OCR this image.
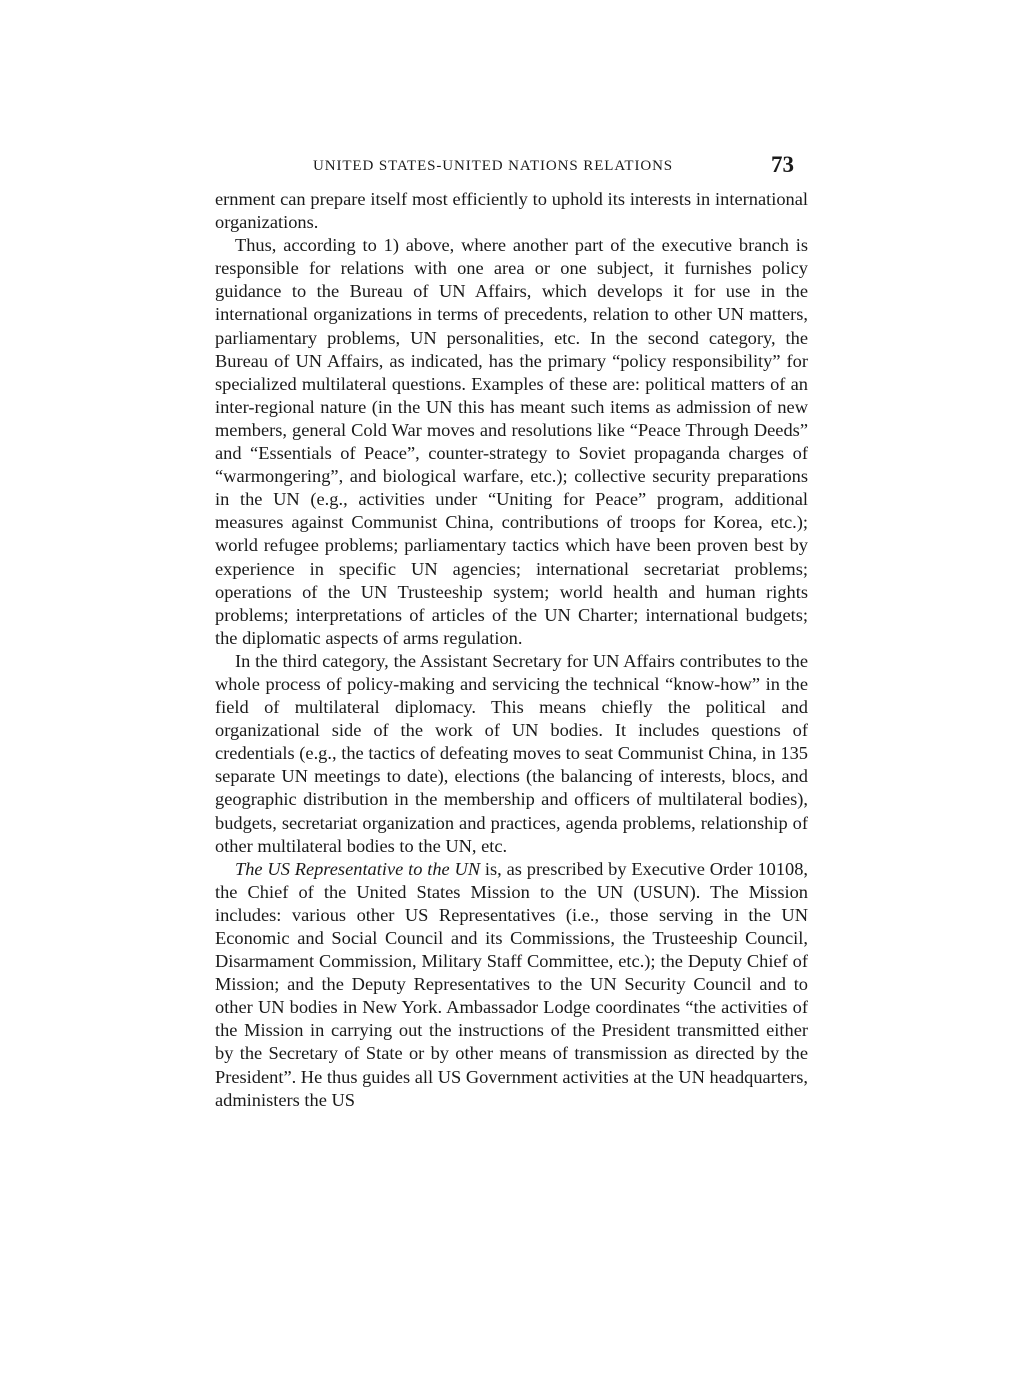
UNITED STATES-UNITED NATIONS RELATIONS	73

ernment can prepare itself most efficiently to uphold its interests in international organizations.

Thus, according to 1) above, where another part of the executive branch is responsible for relations with one area or one subject, it furnishes policy guidance to the Bureau of UN Affairs, which develops it for use in the international organizations in terms of precedents, relation to other UN matters, parliamentary problems, UN personalities, etc. In the second category, the Bureau of UN Affairs, as indicated, has the primary “policy responsibility” for specialized multilateral questions. Examples of these are: political matters of an inter-regional nature (in the UN this has meant such items as admission of new members, general Cold War moves and resolutions like “Peace Through Deeds” and “Essentials of Peace”, counter-strategy to Soviet propaganda charges of “warmongering”, and biological warfare, etc.); collective security preparations in the UN (e.g., activities under “Uniting for Peace” program, additional measures against Communist China, contributions of troops for Korea, etc.); world refugee problems; parliamentary tactics which have been proven best by experience in specific UN agencies; international secretariat problems; operations of the UN Trusteeship system; world health and human rights problems; interpretations of articles of the UN Charter; international budgets; the diplomatic aspects of arms regulation.

In the third category, the Assistant Secretary for UN Affairs contributes to the whole process of policy-making and servicing the technical “know-how” in the field of multilateral diplomacy. This means chiefly the political and organizational side of the work of UN bodies. It includes questions of credentials (e.g., the tactics of defeating moves to seat Communist China, in 135 separate UN meetings to date), elections (the balancing of interests, blocs, and geographic distribution in the membership and officers of multilateral bodies), budgets, secretariat organization and practices, agenda problems, relationship of other multilateral bodies to the UN, etc.

The US Representative to the UN is, as prescribed by Executive Order 10108, the Chief of the United States Mission to the UN (USUN). The Mission includes: various other US Representatives (i.e., those serving in the UN Economic and Social Council and its Commissions, the Trusteeship Council, Disarmament Commission, Military Staff Committee, etc.); the Deputy Chief of Mission; and the Deputy Representatives to the UN Security Council and to other UN bodies in New York. Ambassador Lodge coordinates “the activities of the Mission in carrying out the instructions of the President transmitted either by the Secretary of State or by other means of transmission as directed by the President”. He thus guides all US Government activities at the UN headquarters, administers the US
